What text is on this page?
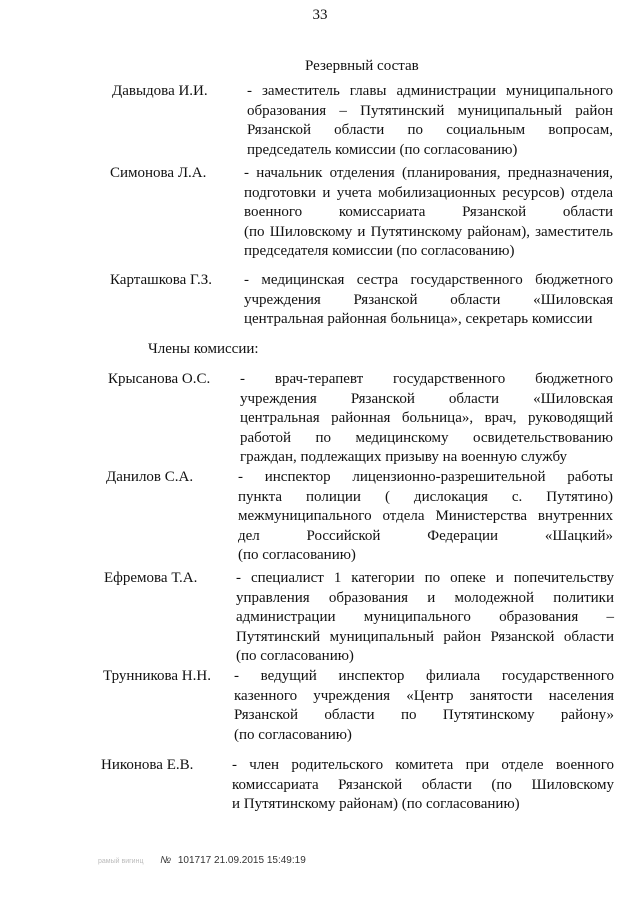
33
Резервный состав
Члены комиссии:
Давыдова И.И.	- заместитель главы администрации муниципального
образования – Путятинский муниципальный район
Рязанской области по социальным вопросам,
председатель комиссии (по согласованию)
Симонова Л.А.	- начальник отделения (планирования, предназначения,
подготовки и учета мобилизационных ресурсов) отдела
военного комиссариата Рязанской области
(по Шиловскому и Путятинскому районам), заместитель
председателя комиссии (по согласованию)
Карташкова Г.З. - медицинская сестра государственного бюджетного
учреждения Рязанской области «Шиловская
центральная районная больница», секретарь комиссии
Крысанова О.С. - врач-терапевт государственного бюджетного
учреждения Рязанской области «Шиловская
центральная районная больница», врач, руководящий
работой по медицинскому освидетельствованию
граждан, подлежащих призыву на военную службу
Данилов С.А.	- инспектор лицензионно-разрешительной работы
пункта полиции ( дислокация с. Путятино)
межмуниципального отдела Министерства внутренних
дел Российской Федерации «Шацкий»
(по согласованию)
Ефремова Т.А.	- специалист 1 категории по опеке и попечительству
управления образования и молодежной политики
администрации муниципального образования –
Путятинский муниципальный район Рязанской области
(по согласованию)
Трунникова Н.Н. - ведущий инспектор филиала государственного
казенного учреждения «Центр занятости населения
Рязанской области по Путятинскому району»
(по согласованию)
Никонова Е.В.	- член родительского комитета при отделе военного
комиссариата Рязанской области (по Шиловскому
и Путятинскому районам) (по согласованию)
рамый вигинц № 101717 21.09.2015 15:49:19
